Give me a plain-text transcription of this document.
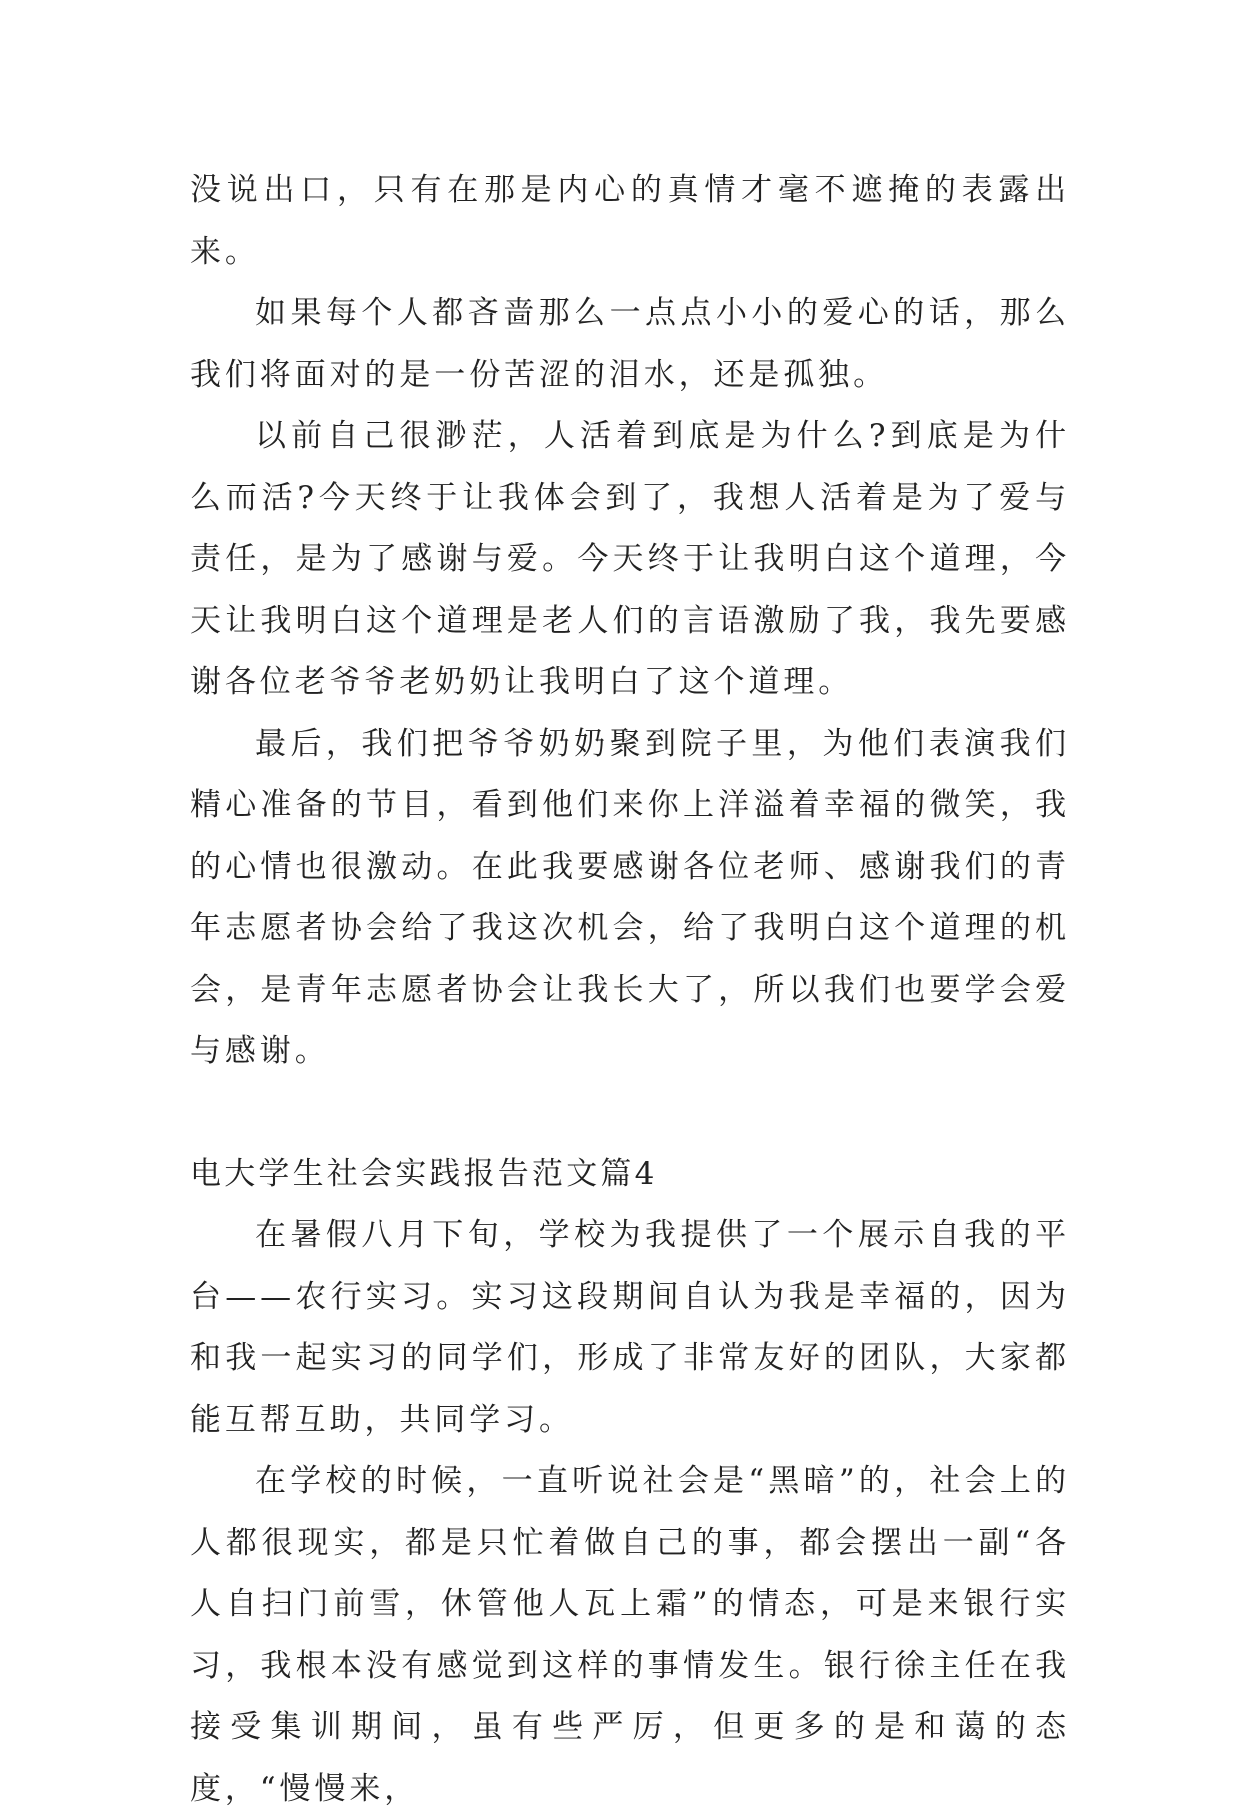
没说出口，只有在那是内心的真情才毫不遮掩的表露出来。

如果每个人都吝啬那么一点点小小的爱心的话，那么我们将面对的是一份苦涩的泪水，还是孤独。

以前自己很渺茫，人活着到底是为什么?到底是为什么而活?今天终于让我体会到了，我想人活着是为了爱与责任，是为了感谢与爱。今天终于让我明白这个道理，今天让我明白这个道理是老人们的言语激励了我，我先要感谢各位老爷爷老奶奶让我明白了这个道理。

最后，我们把爷爷奶奶聚到院子里，为他们表演我们精心准备的节目，看到他们来你上洋溢着幸福的微笑，我的心情也很激动。在此我要感谢各位老师、感谢我们的青年志愿者协会给了我这次机会，给了我明白这个道理的机会，是青年志愿者协会让我长大了，所以我们也要学会爱与感谢。

电大学生社会实践报告范文篇4

在暑假八月下旬，学校为我提供了一个展示自我的平台——农行实习。实习这段期间自认为我是幸福的，因为和我一起实习的同学们，形成了非常友好的团队，大家都能互帮互助，共同学习。

在学校的时候，一直听说社会是“黑暗”的，社会上的人都很现实，都是只忙着做自己的事，都会摆出一副“各人自扫门前雪，休管他人瓦上霜”的情态，可是来银行实习，我根本没有感觉到这样的事情发生。银行徐主任在我接受集训期间，虽有些严厉，但更多的是和蔼的态度，“慢慢来，
